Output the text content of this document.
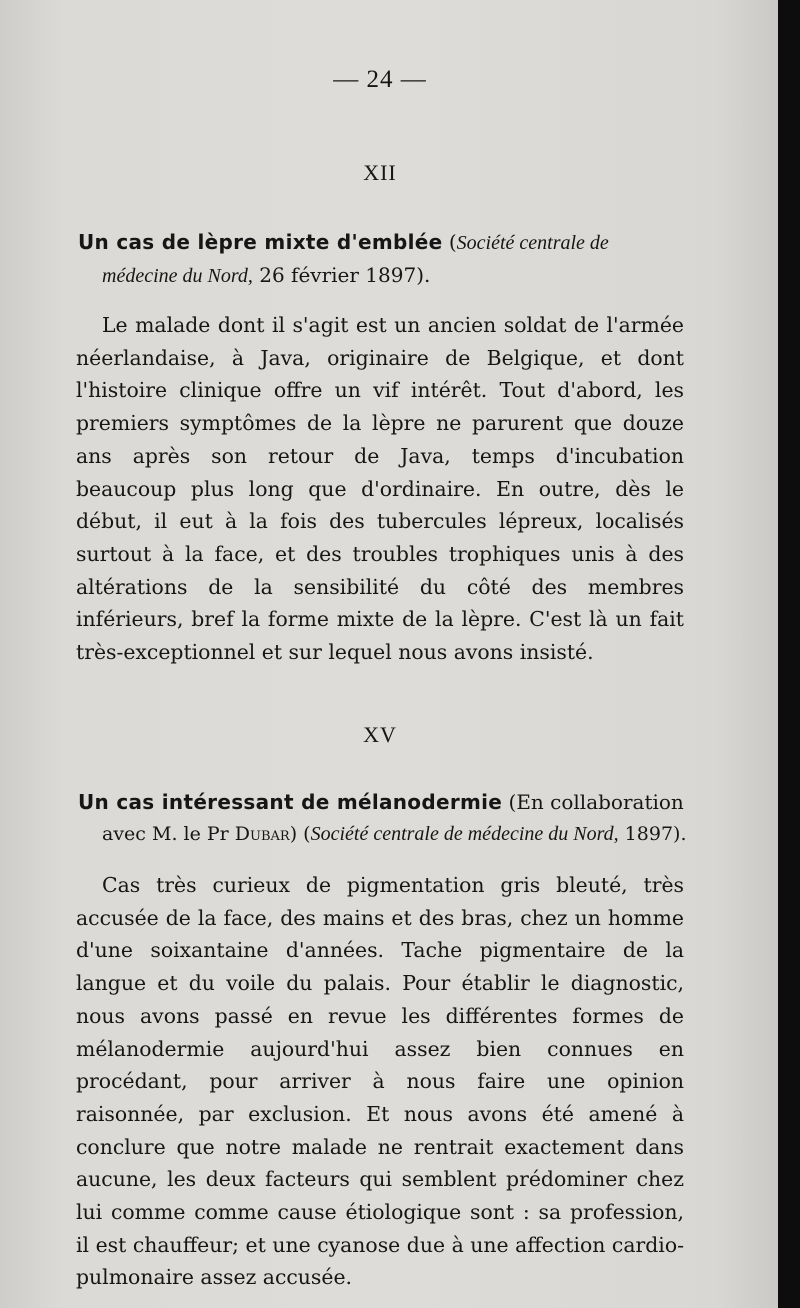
— 24 —
XII
Un cas de lèpre mixte d'emblée (Société centrale de
médecine du Nord, 26 février 1897).
Le malade dont il s'agit est un ancien soldat de l'armée néerlandaise, à Java, originaire de Belgique, et dont l'histoire clinique offre un vif intérêt. Tout d'abord, les premiers symptômes de la lèpre ne parurent que douze ans après son retour de Java, temps d'incubation beaucoup plus long que d'ordinaire. En outre, dès le début, il eut à la fois des tubercules lépreux, localisés surtout à la face, et des troubles trophiques unis à des altérations de la sensibilité du côté des membres inférieurs, bref la forme mixte de la lèpre. C'est là un fait très-exceptionnel et sur lequel nous avons insisté.
XV
Un cas intéressant de mélanodermie (En collaboration
avec M. le Pr Dubar) (Société centrale de médecine du Nord, 1897).
Cas très curieux de pigmentation gris bleuté, très accusée de la face, des mains et des bras, chez un homme d'une soixantaine d'années. Tache pigmentaire de la langue et du voile du palais. Pour établir le diagnostic, nous avons passé en revue les différentes formes de mélanodermie aujourd'hui assez bien connues en procédant, pour arriver à nous faire une opinion raisonnée, par exclusion. Et nous avons été amené à conclure que notre malade ne rentrait exactement dans aucune, les deux facteurs qui semblent prédominer chez lui comme comme cause étiologique sont : sa profession, il est chauffeur; et une cyanose due à une affection cardio-pulmonaire assez accusée.
